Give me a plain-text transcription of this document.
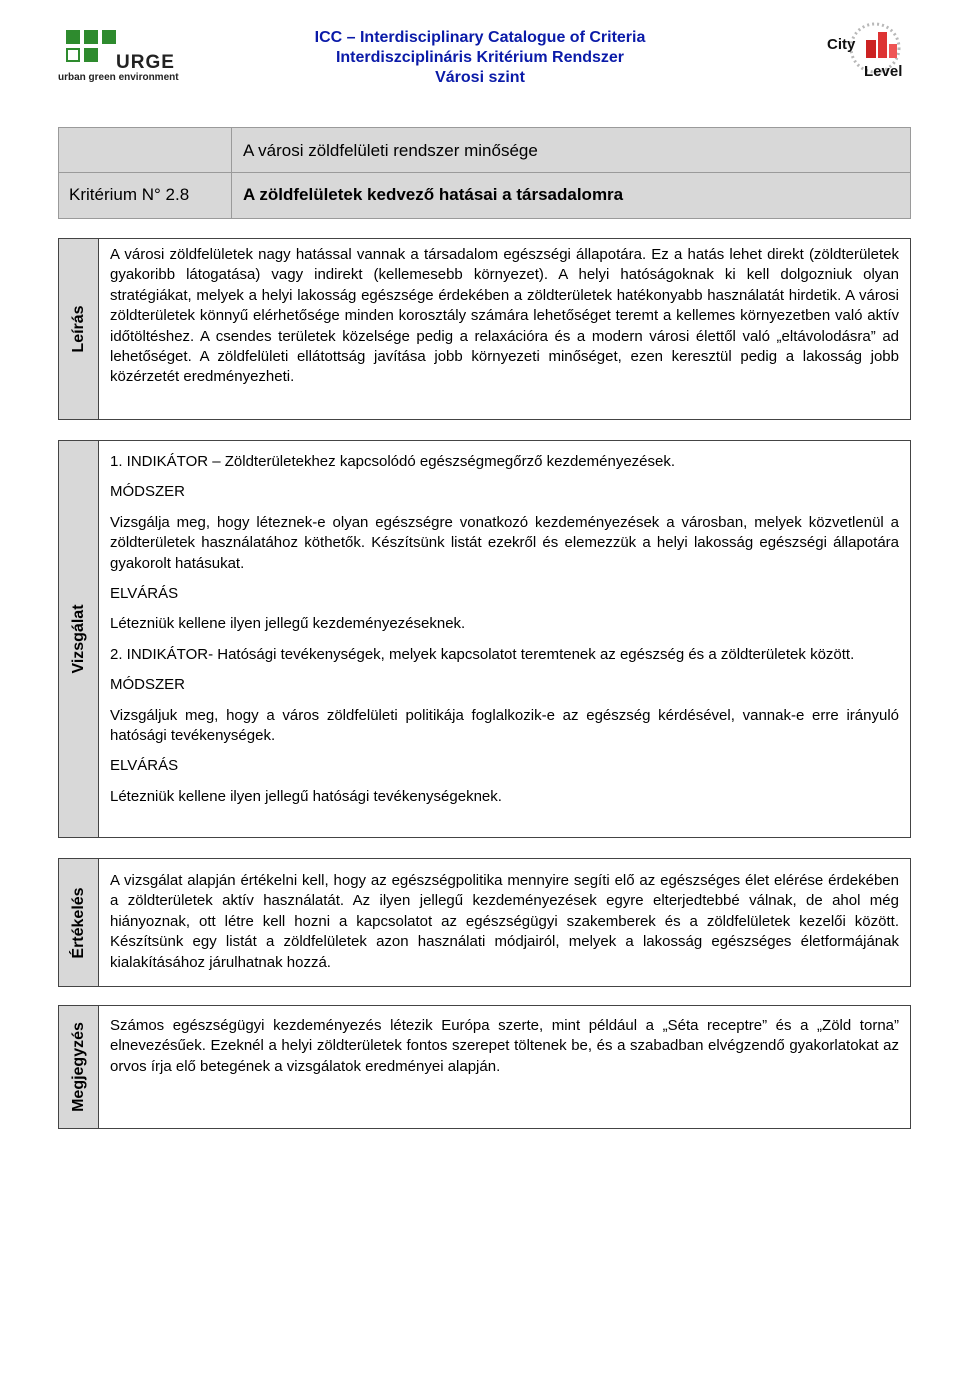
URGE
urban green environment
ICC – Interdisciplinary Catalogue of Criteria
Interdiszciplináris Kritérium Rendszer
Városi szint
City
Level
A városi zöldfelületi rendszer minősége
Kritérium N° 2.8	A zöldfelületek kedvező hatásai a társadalomra
Leírás

A városi zöldfelületek nagy hatással vannak a társadalom egészségi állapotára. Ez a hatás lehet direkt (zöldterületek gyakoribb látogatása) vagy indirekt (kellemesebb környezet). A helyi hatóságoknak ki kell dolgozniuk olyan stratégiákat, melyek a helyi lakosság egészsége érdekében a zöldterületek hatékonyabb használatát hirdetik. A városi zöldterületek könnyű elérhetősége minden korosztály számára lehetőséget teremt a kellemes környezetben való aktív időtöltéshez. A csendes területek közelsége pedig a relaxációra és a modern városi élettől való „eltávolodásra” ad lehetőséget. A zöldfelületi ellátottság javítása jobb környezeti minőséget, ezen keresztül pedig a lakosság jobb közérzetét eredményezheti.

Vizsgálat

1. INDIKÁTOR – Zöldterületekhez kapcsolódó egészségmegőrző kezdeményezések.

MÓDSZER

Vizsgálja meg, hogy léteznek-e olyan egészségre vonatkozó kezdeményezések a városban, melyek közvetlenül a zöldterületek használatához köthetők. Készítsünk listát ezekről és elemezzük a helyi lakosság egészségi állapotára gyakorolt hatásukat.

ELVÁRÁS

Létezniük kellene ilyen jellegű kezdeményezéseknek.

2. INDIKÁTOR- Hatósági tevékenységek, melyek kapcsolatot teremtenek az egészség és a zöldterületek között.

MÓDSZER

Vizsgáljuk meg, hogy a város zöldfelületi politikája foglalkozik-e az egészség kérdésével, vannak-e erre irányuló hatósági tevékenységek.

ELVÁRÁS

Létezniük kellene ilyen jellegű hatósági tevékenységeknek.

Értékelés

A vizsgálat alapján értékelni kell, hogy az egészségpolitika mennyire segíti elő az egészséges élet elérése érdekében a zöldterületek aktív használatát. Az ilyen jellegű kezdeményezések egyre elterjedtebbé válnak, de ahol még hiányoznak, ott létre kell hozni a kapcsolatot az egészségügyi szakemberek és a zöldfelületek kezelői között. Készítsünk egy listát a zöldfelületek azon használati módjairól, melyek a lakosság egészséges életformájának kialakításához járulhatnak hozzá.

Megjegyzés Számos egészségügyi kezdeményezés létezik Európa szerte, mint például a „Séta receptre” és a „Zöld torna” elnevezésűek. Ezeknél a helyi zöldterületek fontos szerepet töltenek be, és a szabadban elvégzendő gyakorlatokat az orvos írja elő betegének a vizsgálatok eredményei alapján.
